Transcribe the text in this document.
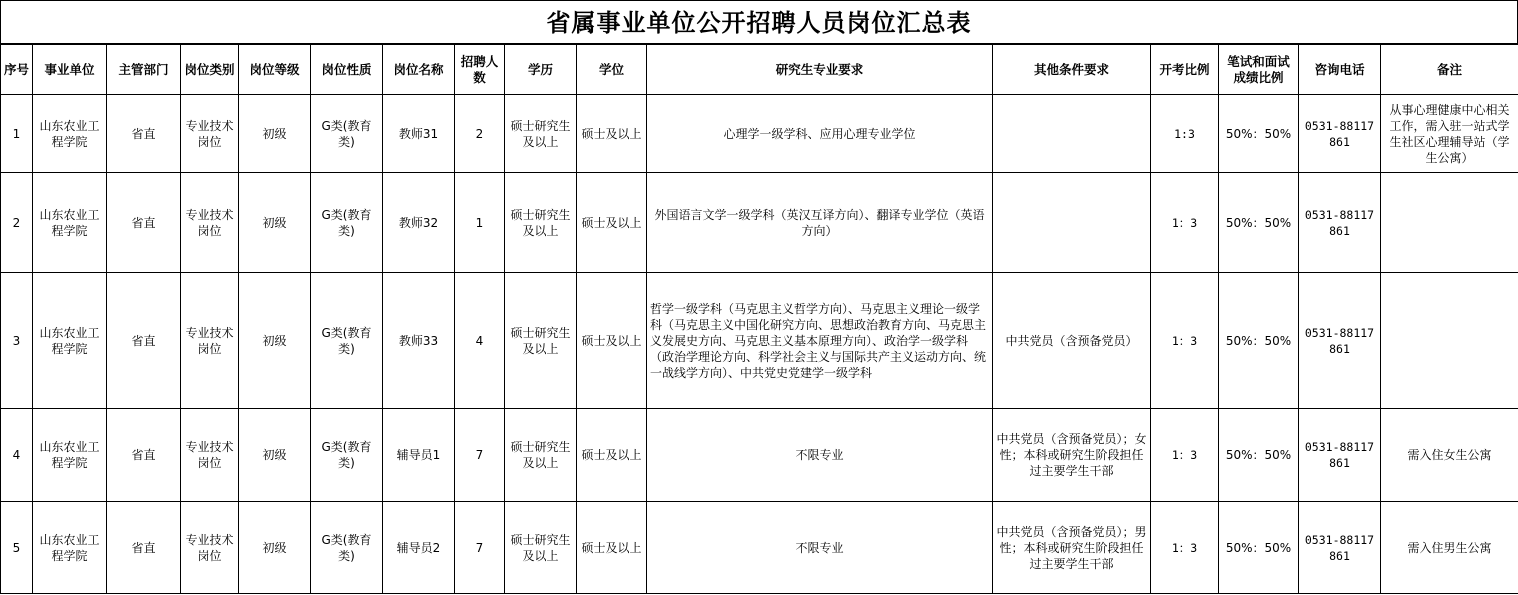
省属事业单位公开招聘人员岗位汇总表
序号	事业单位	主管部门	岗位类别	岗位等级	岗位性质	岗位名称	招聘人数	学历	学位	研究生专业要求	其他条件要求	开考比例	笔试和面试成绩比例	咨询电话	备注
1	山东农业工程学院	省直	专业技术岗位	初级	G类(教育类)	教师31	2	硕士研究生及以上	硕士及以上	心理学一级学科、应用心理专业学位		1:3	50%：50%	0531-88117861	从事心理健康中心相关工作，需入驻一站式学生社区心理辅导站（学生公寓）
2	山东农业工程学院	省直	专业技术岗位	初级	G类(教育类)	教师32	1	硕士研究生及以上	硕士及以上	外国语言文学一级学科（英汉互译方向）、翻译专业学位（英语方向）		1：3	50%：50%	0531-88117861	
3	山东农业工程学院	省直	专业技术岗位	初级	G类(教育类)	教师33	4	硕士研究生及以上	硕士及以上	哲学一级学科（马克思主义哲学方向）、马克思主义理论一级学科（马克思主义中国化研究方向、思想政治教育方向、马克思主义发展史方向、马克思主义基本原理方向）、政治学一级学科（政治学理论方向、科学社会主义与国际共产主义运动方向、统一战线学方向）、中共党史党建学一级学科	中共党员（含预备党员）	1：3	50%：50%	0531-88117861	
4	山东农业工程学院	省直	专业技术岗位	初级	G类(教育类)	辅导员1	7	硕士研究生及以上	硕士及以上	不限专业	中共党员（含预备党员）；女性；本科或研究生阶段担任过主要学生干部	1：3	50%：50%	0531-88117861	需入住女生公寓
5	山东农业工程学院	省直	专业技术岗位	初级	G类(教育类)	辅导员2	7	硕士研究生及以上	硕士及以上	不限专业	中共党员（含预备党员）；男性；本科或研究生阶段担任过主要学生干部	1：3	50%：50%	0531-88117861	需入住男生公寓
